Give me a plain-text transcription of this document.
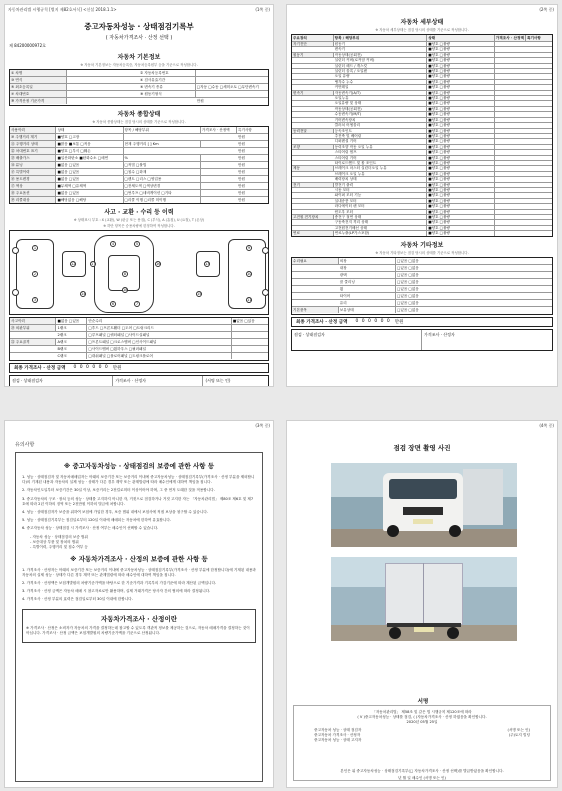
자동차관리법 시행규칙 [별지 제82호서식] <신설 2018.1.1>	(1쪽 중)
중고자동차성능 · 상태점검기록부
( 자동차가격조사 · 산정 선택 )
제 84200000972호
자동차 기본정보
※ 자동차 기본정보는 자동차등록증, 자동차등록원부 등을 기준으로 작성합니다.
① 차명	② 자동차등록번호
③ 연식	④ 검사유효기간
⑤ 최초등록일	⑥ 변속기 종류	□자동 □수동 □세미오토 □무단변속기
⑦ 차대번호	⑧ 원동기형식
⑨ 가격산정 기준가격	만원
자동차 종합상태
※ 자동차 종합상태는 점검 당시의 상태를 기준으로 작성합니다.
사용이력	상태	항목 / 해당부위	가격조사 · 산정액	특기사항
⑩ 주행거리 계기	■양호 □고장	만원
⑪ 주행거리 상태	■많음 ■보통 □적음	현재 주행거리 [ ] Km	만원
⑫ 차대번호 표기	■양호 □부식 □훼손	만원
⑬ 배출가스	■일산화탄소 ■탄화수소 □매연	%	만원
⑭ 튜닝	■없음 □있음	□적법 □불법	만원
⑮ 특별이력	■없음 □있음	□침수 □화재	만원
⑯ 용도변경	■없음 □있음	□렌트 □리스 □영업용	만원
⑰ 색상	■무채색 □유채색	□전체도색 □색상변경	만원
⑱ 주요옵션	■없음 □있음	□썬루프 □네비게이션 □기타	만원
⑲ 리콜대상	■해당없음 □해당	□리콜 이행 □리콜 미이행	만원
사고 · 교환 · 수리 등 이력
※ 상태표시 부호 : X (교환), W (판금 또는 용접), C (부식), A (흠집), U (요철), T (손상)
※ 하단 항목은 승용차량에 한정하여 작성합니다.
1
2
3
4	5
6	7
8
9
10
11
12	13
14	15
16
17
18
사고이력	■없음 □있음	단순수리	■없음 □있음
⑳ 외판부위	1랭크	□후드 □프론트휀더 □도어 □트렁크리드
2랭크	□루프패널 □쿼터패널 □사이드실패널
㉑ 주요골격	A랭크	□프론트패널 □크로스멤버 □인사이드패널
B랭크	□사이드멤버 □휠하우스 □필러패널
C랭크	□대쉬패널 □플로어패널 □트렁크플로어
최종 가격조사 · 산정 금액	0 0 0 0 0 0 만원
점검 · 상태점검자	가격조사 · 산정자	(서명 또는 인)
(2쪽 중)
자동차 세부상태
※ 자동차 세부상태는 점검 당시의 상태를 기준으로 작성합니다.
주요장치	항목 / 해당부위	상태	가격조사 · 산정액 특기사항
자기진단	원동기	■양호 □불량
변속기	■양호 □불량
원동기	작동상태(공회전)	■양호 □불량
실린더 커버(로커암 커버)	■양호 □불량
실린더 헤드 / 개스킷	■양호 □불량
실린더 블록 / 오일팬	■양호 □불량
오일 유량	■양호 □불량
냉각수 누수	■양호 □불량
커먼레일	■양호 □불량
변속기	자동변속기(A/T)	■양호 □불량
오일누유	■양호 □불량
오일유량 및 상태	■양호 □불량
작동상태(공회전)	■양호 □불량
수동변속기(M/T)	■양호 □불량
기어변속장치	■양호 □불량
클러치 어셈블리	■양호 □불량
동력전달	등속조인트	■양호 □불량
추진축 및 베어링	■양호 □불량
디퍼렌셜 기어	■양호 □불량
조향	동력조향 작동 오일 누유	■양호 □불량
스티어링 펌프	■양호 □불량
스티어링 기어	■양호 □불량
타이로드엔드 및 볼 조인트	■양호 □불량
제동	브레이크 마스터 실린더오일 누유	■양호 □불량
브레이크 오일 누유	■양호 □불량
배력장치 상태	■양호 □불량
전기	발전기 출력	■양호 □불량
시동 모터	■양호 □불량
와이퍼 모터 기능	■양호 □불량
실내송풍 모터	■양호 □불량
라디에이터 팬 모터	■양호 □불량
윈도우 모터	■양호 □불량
고전원 전기장치	충전구 절연 상태	■양호 □불량
구동축전지 격리 상태	■양호 □불량
고전원전기배선 상태	■양호 □불량
연료	연료누출(LP가스포함)	■양호 □불량
자동차 기타정보
※ 자동차 기타정보는 점검 당시의 상태를 기준으로 작성합니다.
수리필요	외장	□있음 □없음
내장	□있음 □없음
광택	□있음 □없음
룸 클리닝	□있음 □없음
휠	□있음 □없음
타이어	□있음 □없음
유리	□있음 □없음
기본품목	보유상태	□있음 □없음
최종 가격조사 · 산정 금액	0 0 0 0 0 0 만원
점검 · 상태점검자	가격조사 · 산정자
(3쪽 중)
유의사항
※ 중고자동차성능 · 상태점검의 보증에 관한 사항 등
1. 성능 · 상태점검자 및 자동차매매업자는 아래의 보증기간 또는 보증거리 이내에 중고자동차성능 · 상태점검기록부(가격조사 · 산정 부분을 제외합니다)의 기재된 내용과 자동차의 실제 성능 · 상태가 다른 경우 계약 또는 관계법령에 따라 매수인에게 대하여 책임을 집니다.
2. 자동차인도일부터 보증기간은 30일 이상, 보증거리는 2천킬로미터 이상이어야 하며, 그 중 먼저 도래한 것을 적용합니다.
3. 중고자동차의 구조 · 장치 등의 성능 · 상태를 고지하지 아니한 자, 거짓으로 점검하거나 거짓 고지한 자는 「자동차관리법」 제80조 제6호 및 제7호에 따라 2년 이하의 징역 또는 2천만원 이하의 벌금에 처합니다.
4. 성능 · 상태점검자가 보증을 위하여 보험에 가입한 경우, 보증 범위 내에서 보험사에 직접 보상을 청구할 수 있습니다.
5. 성능 · 상태점검기록부는 점검일로부터 120일 이내에 매매되는 자동차에 한하여 유효합니다.
6. 중고자동차 성능 · 상태점검 시 가격조사 · 산정 여부는 매수인이 선택할 수 있습니다.
- 자동차 성능 · 상태점검의 보증 범위
- 보증대상 부품 및 장치의 범위
- 특별이력, 주행거리 및 침수 여부 등
※ 자동차가격조사 · 산정의 보증에 관한 사항 등
1. 가격조사 · 산정자는 아래의 보증기간 또는 보증거리 이내에 중고자동차성능 · 상태점검기록부(가격조사 · 산정 부분에 한정합니다)에 기재된 내용과 자동차의 실제 성능 · 상태가 다른 경우 계약 또는 관계법령에 따라 매수인에 대하여 책임을 집니다.
2. 가격조사 · 산정액은 보험개발원의 차량기준가액을 바탕으로 한 기준가격과 기록부의 가감기준에 따라 계산된 금액입니다.
3. 가격조사 · 산정 금액은 자동차 매매 시 참고자료로만 활용하며, 실제 거래가격은 당사자 간의 협의에 따라 결정됩니다.
4. 가격조사 · 산정 부분의 효력은 점검일로부터 30일 이내에 한합니다.
자동차가격조사 · 산정이란
※ 가격조사 · 산정은 소비자가 자동차의 가격을 결정하는데 참고할 수 있도록 객관적 정보를 제공하는 것으로, 자동차 매매가격을 결정하는 것이 아닙니다. 가격조사 · 산정 금액은 보험개발원의 차량기준가액을 기준으로 산정됩니다.
(4쪽 중)
점검 장면 촬영 사진
서명
「자동차관리법」 제58조 및 같은 법 시행규칙 제120조에 따라
( V )중고자동차성능 · 상태를 점검, ( )자동차가격조사 · 산정 하였음을 확인합니다.
2020년 05월 25일
중고자동차 성능 · 상태 점검자	(서명 또는 인)
중고자동차 가격조사 · 산정자	(주)토지 빌딩
중고자동차 성능 · 상태 고지자
본인은 위 중고자동차성능 · 상태점검기록부(□ 자동차가격조사 · 산정 선택)를 발급받았음을 확인합니다.
년 월 일 매수인 (서명 또는 인)
